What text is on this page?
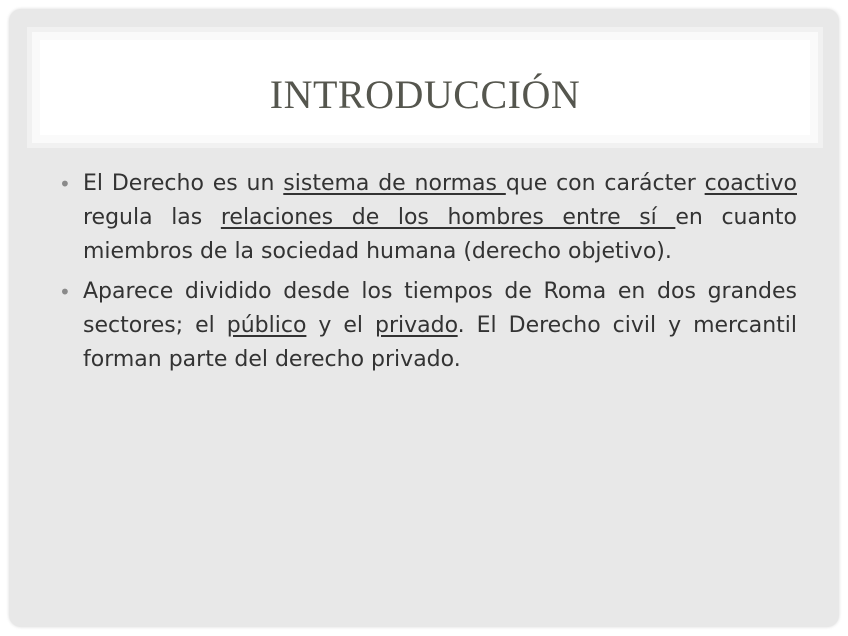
INTRODUCCIÓN

• El Derecho es un sistema de normas que con carácter coactivo regula las relaciones de los hombres entre sí en cuanto miembros de la sociedad humana (derecho objetivo).

• Aparece dividido desde los tiempos de Roma en dos grandes sectores; el público y el privado. El Derecho civil y mercantil forman parte del derecho privado.
